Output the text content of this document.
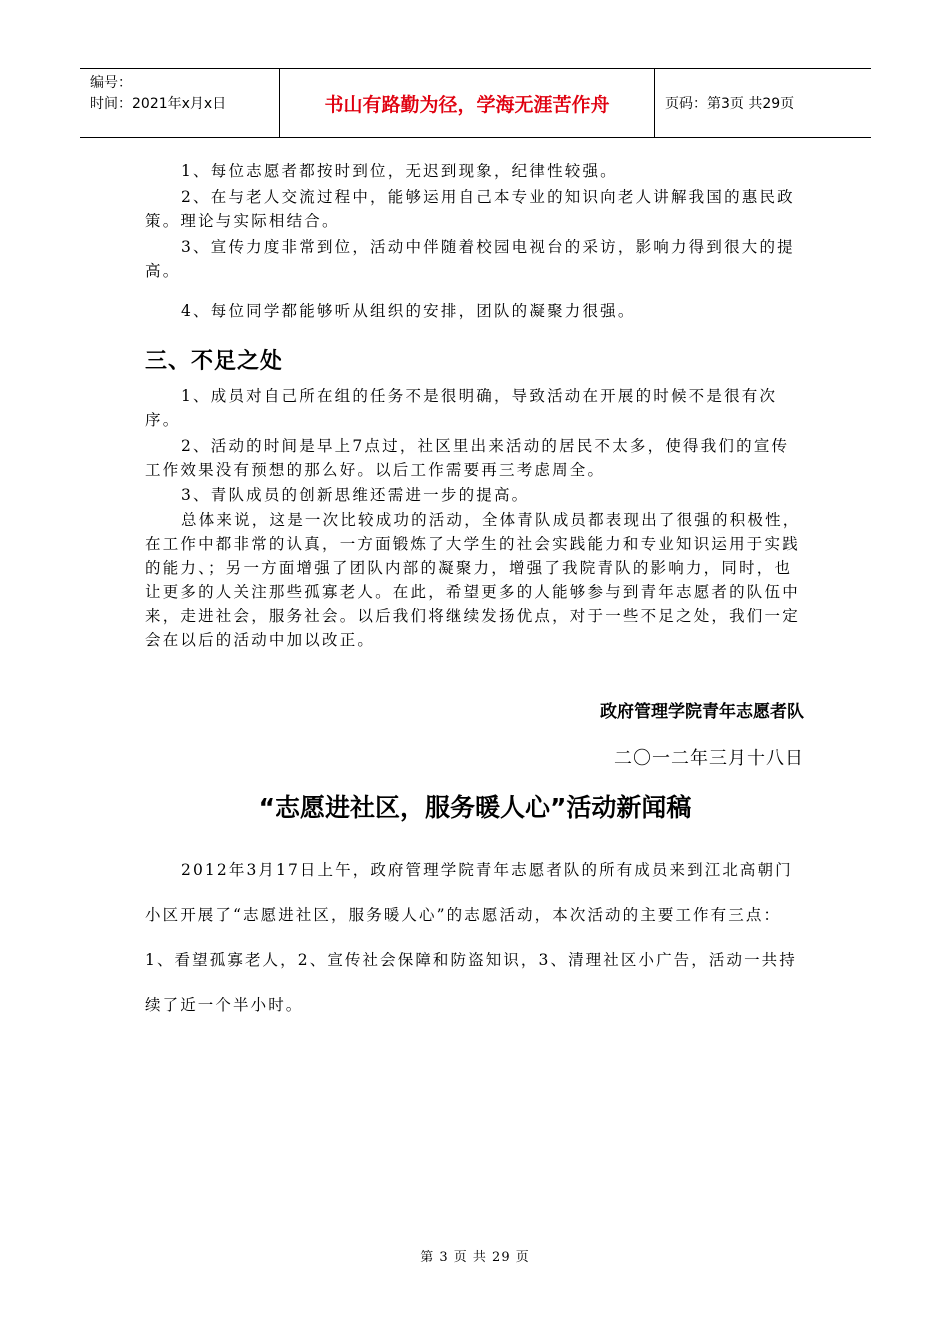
编号：
时间：2021年x月x日	书山有路勤为径，学海无涯苦作舟	页码：第3页 共29页
1、每位志愿者都按时到位，无迟到现象，纪律性较强。
2、在与老人交流过程中，能够运用自己本专业的知识向老人讲解我国的惠民政策。理论与实际相结合。
3、宣传力度非常到位，活动中伴随着校园电视台的采访，影响力得到很大的提高。
4、每位同学都能够听从组织的安排，团队的凝聚力很强。
三、不足之处
1、成员对自己所在组的任务不是很明确，导致活动在开展的时候不是很有次序。
2、活动的时间是早上7点过，社区里出来活动的居民不太多，使得我们的宣传工作效果没有预想的那么好。以后工作需要再三考虑周全。
3、青队成员的创新思维还需进一步的提高。
总体来说，这是一次比较成功的活动，全体青队成员都表现出了很强的积极性，在工作中都非常的认真，一方面锻炼了大学生的社会实践能力和专业知识运用于实践的能力、；另一方面增强了团队内部的凝聚力，增强了我院青队的影响力，同时，也让更多的人关注那些孤寡老人。在此，希望更多的人能够参与到青年志愿者的队伍中来，走进社会，服务社会。以后我们将继续发扬优点，对于一些不足之处，我们一定会在以后的活动中加以改正。
政府管理学院青年志愿者队
二〇一二年三月十八日
“志愿进社区，服务暖人心”活动新闻稿
2012年3月17日上午，政府管理学院青年志愿者队的所有成员来到江北高朝门小区开展了“志愿进社区，服务暖人心”的志愿活动，本次活动的主要工作有三点：1、看望孤寡老人，2、宣传社会保障和防盗知识，3、清理社区小广告，活动一共持续了近一个半小时。
第 3 页 共 29 页
